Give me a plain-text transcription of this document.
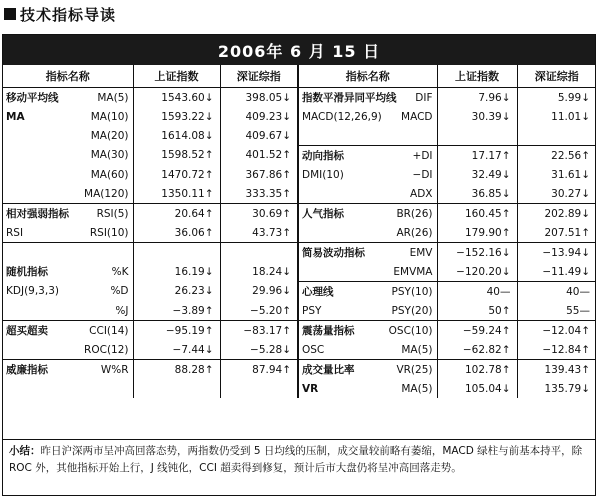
技术指标导读
2006年 6 月 15 日
指标名称		上证指数	深证综指	指标名称		上证指数	深证综指
移动平均线	MA(5)	1543.60↓	398.05↓	指数平滑异同平均线	DIF	7.96↓	5.99↓
MA	MA(10)	1593.22↓	409.23↓	MACD(12,26,9)	MACD	30.39↓	11.01↓
	MA(20)	1614.08↓	409.67↓				
	MA(30)	1598.52↑	401.52↑	动向指标	+DI	17.17↑	22.56↑
	MA(60)	1470.72↑	367.86↑	DMI(10)	−DI	32.49↓	31.61↓
	MA(120)	1350.11↑	333.35↑		ADX	36.85↓	30.27↓
相对强弱指标	RSI(5)	20.64↑	30.69↑	人气指标	BR(26)	160.45↑	202.89↓
RSI	RSI(10)	36.06↑	43.73↑		AR(26)	179.90↑	207.51↑
				简易波动指标	EMV	−152.16↓	−13.94↓
随机指标	%K	16.19↓	18.24↓		EMVMA	−120.20↓	−11.49↓
KDJ(9,3,3)	%D	26.23↓	29.96↓	心理线	PSY(10)	40—	40—
	%J	−3.89↑	−5.20↑	PSY	PSY(20)	50↑	55—
超买超卖	CCI(14)	−95.19↑	−83.17↑	震荡量指标	OSC(10)	−59.24↑	−12.04↑
	ROC(12)	−7.44↓	−5.28↓	OSC	MA(5)	−62.82↑	−12.84↑
威廉指标	W%R	88.28↑	87.94↑	成交量比率	VR(25)	102.78↑	139.43↑
				VR	MA(5)	105.04↓	135.79↓
小结：昨日沪深两市呈冲高回落态势，两指数仍受到 5 日均线的压制，成交量较前略有萎缩，MACD 绿柱与前基本持平，除 ROC 外，其他指标开始上行，J 线钝化，CCI 超卖得到修复，预计后市大盘仍将呈冲高回落走势。
